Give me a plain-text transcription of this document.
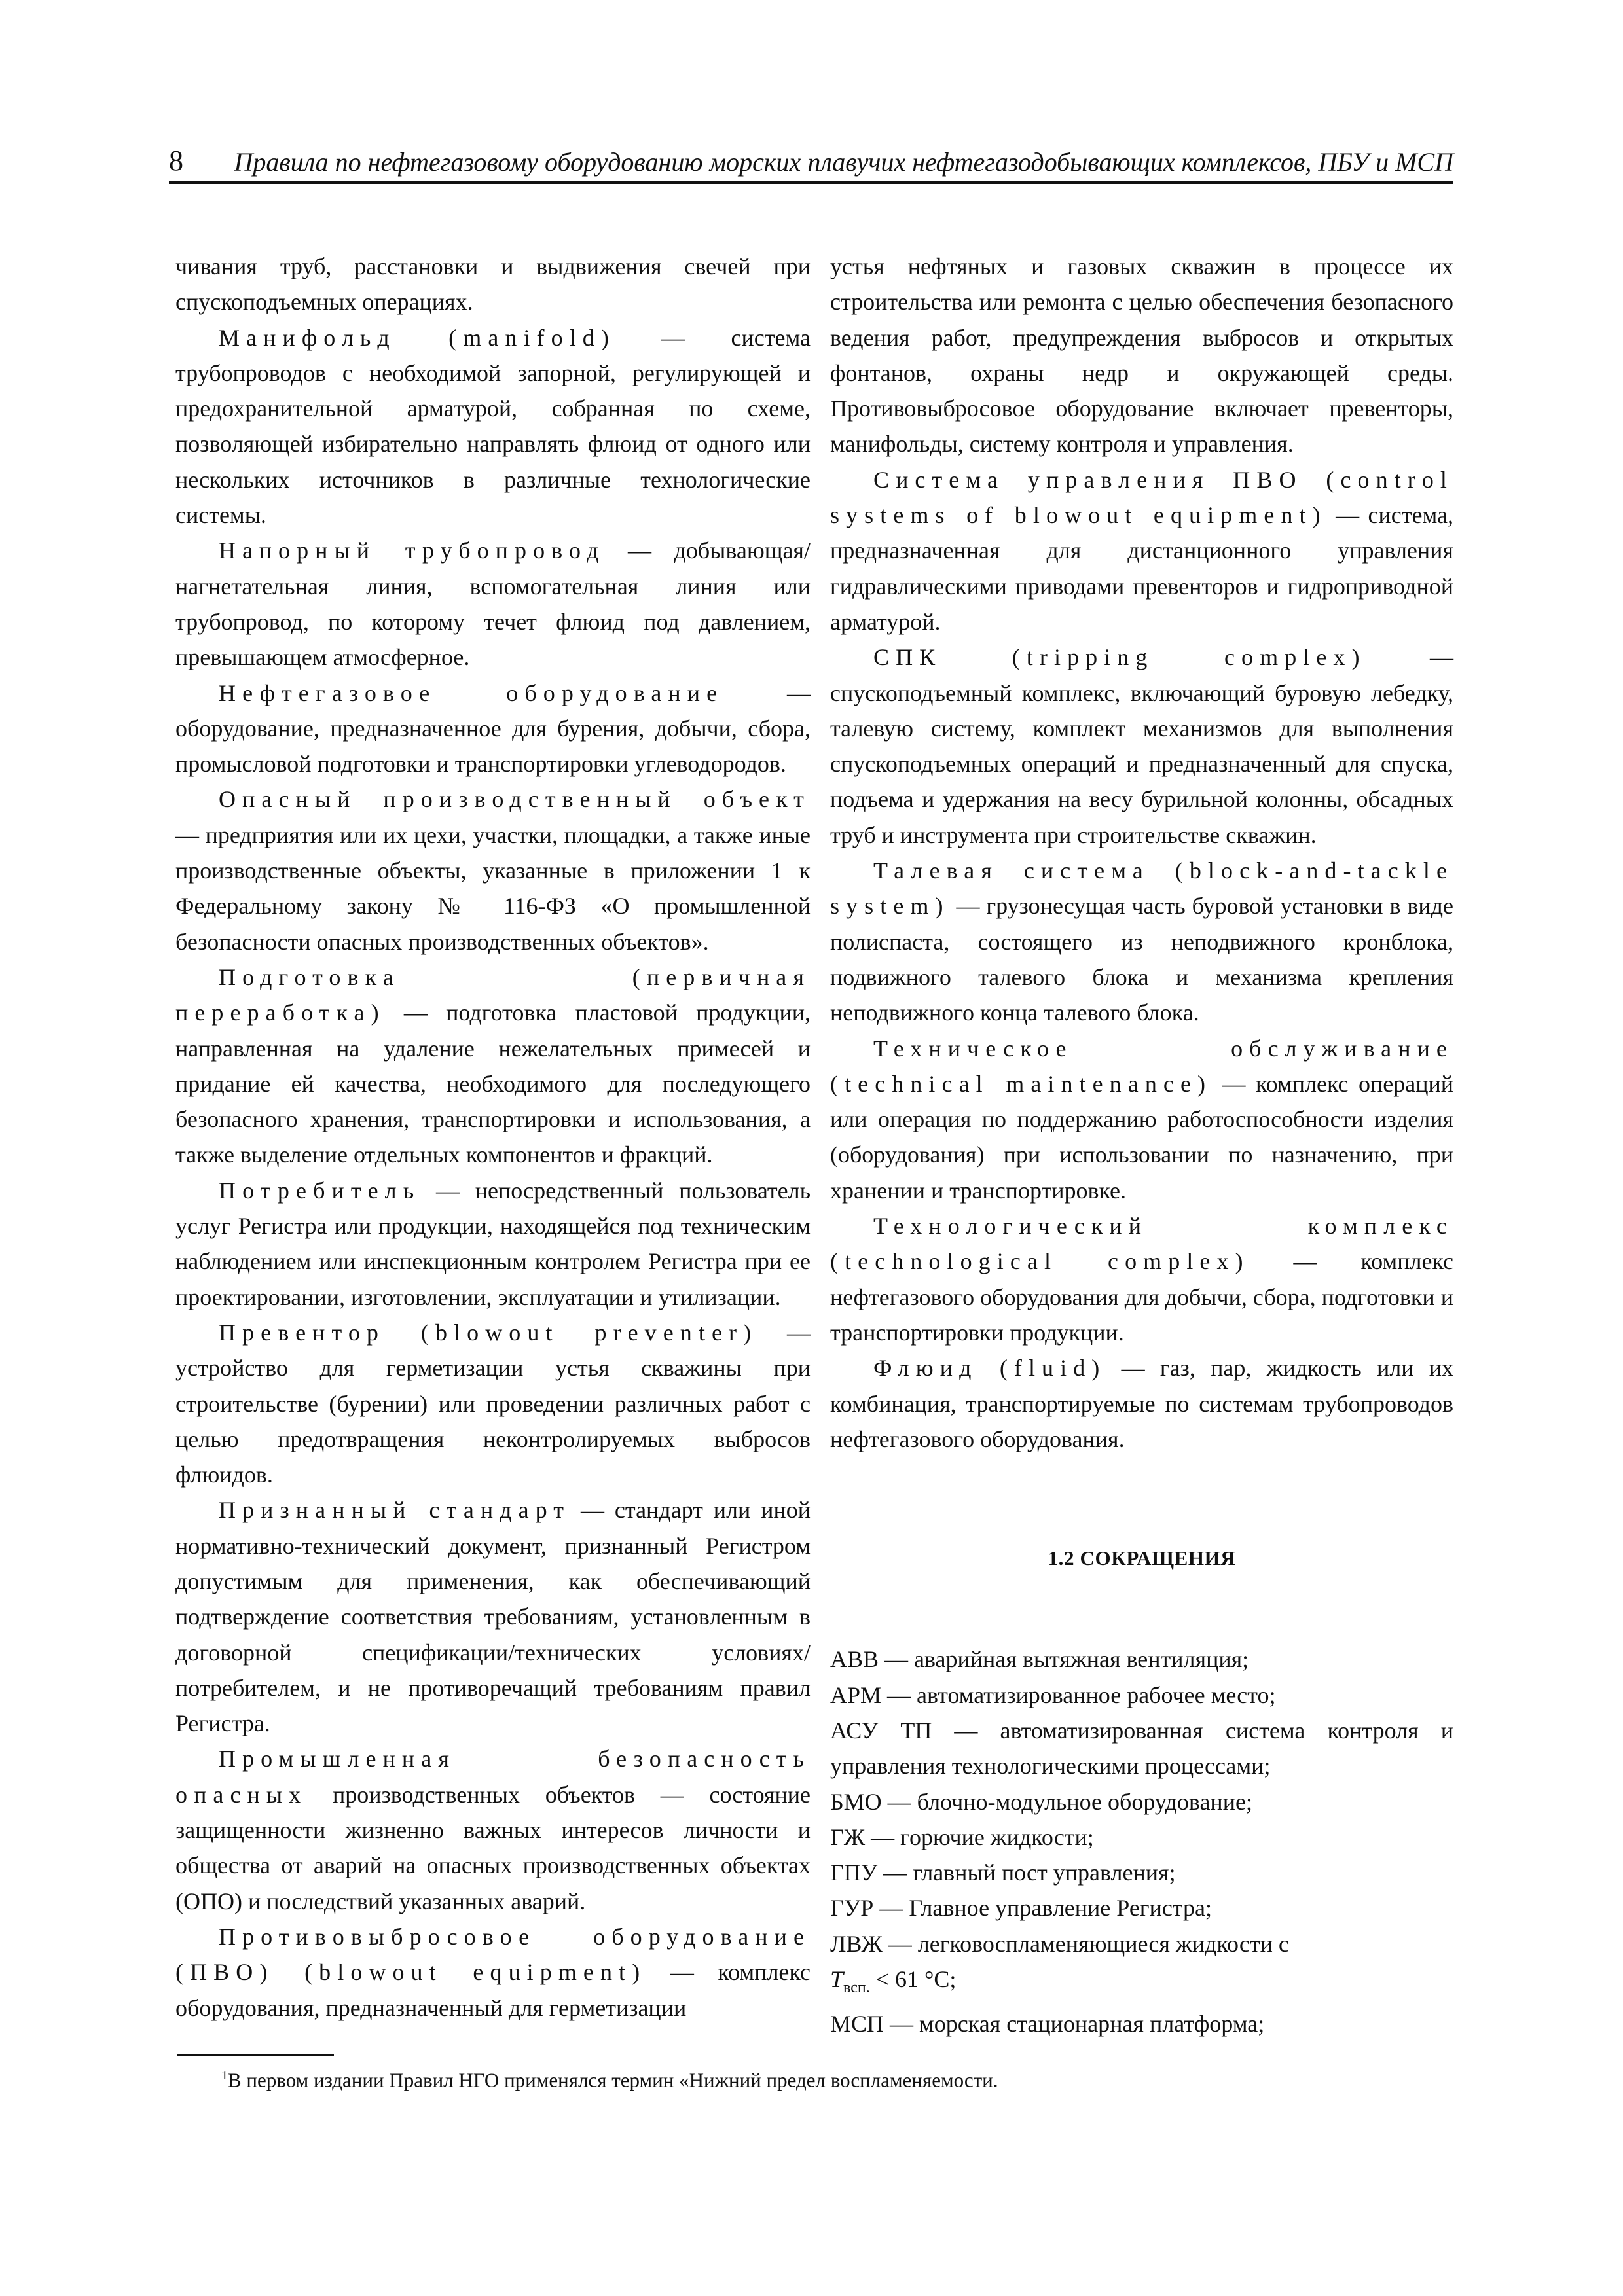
8 Правила по нефтегазовому оборудованию морских плавучих нефтегазодобывающих комплексов, ПБУ и МСП

чивания труб, расстановки и выдвижения свечей при спускоподъемных операциях.

Манифольд (manifold) — система трубопроводов с необходимой запорной, регулирующей и предохранительной арматурой, собранная по схеме, позволяющей избирательно направлять флюид от одного или нескольких источников в различные технологические системы.

Напорный трубопровод — добывающая/нагнетательная линия, вспомогательная линия или трубопровод, по которому течет флюид под давлением, превышающем атмосферное.

Нефтегазовое оборудование — оборудование, предназначенное для бурения, добычи, сбора, промысловой подготовки и транспортировки углеводородов.

Опасный производственный объект — предприятия или их цехи, участки, площадки, а также иные производственные объекты, указанные в приложении 1 к Федеральному закону № 116-ФЗ «О промышленной безопасности опасных производственных объектов».

Подготовка (первичная переработка) — подготовка пластовой продукции, направленная на удаление нежелательных примесей и придание ей качества, необходимого для последующего безопасного хранения, транспортировки и использования, а также выделение отдельных компонентов и фракций.

Потребитель — непосредственный пользователь услуг Регистра или продукции, находящейся под техническим наблюдением или инспекционным контролем Регистра при ее проектировании, изготовлении, эксплуатации и утилизации.

Превентор (blowout preventer) — устройство для герметизации устья скважины при строительстве (бурении) или проведении различных работ с целью предотвращения неконтролируемых выбросов флюидов.

Признанный стандарт — стандарт или иной нормативно-технический документ, признанный Регистром допустимым для применения, как обеспечивающий подтверждение соответствия требованиям, установленным в договорной спецификации/технических условиях/потребителем, и не противоречащий требованиям правил Регистра.

Промышленная безопасность опасных производственных объектов — состояние защищенности жизненно важных интересов личности и общества от аварий на опасных производственных объектах (ОПО) и последствий указанных аварий.

Противовыбросовое оборудование (ПВО) (blowout equipment) — комплекс оборудования, предназначенный для герметизации

устья нефтяных и газовых скважин в процессе их строительства или ремонта с целью обеспечения безопасного ведения работ, предупреждения выбросов и открытых фонтанов, охраны недр и окружающей среды. Противовыбросовое оборудование включает превенторы, манифольды, систему контроля и управления.

Система управления ПВО (control systems of blowout equipment) — система, предназначенная для дистанционного управления гидравлическими приводами превенторов и гидроприводной арматурой.

СПК (tripping complex) — спускоподъемный комплекс, включающий буровую лебедку, талевую систему, комплект механизмов для выполнения спускоподъемных операций и предназначенный для спуска, подъема и удержания на весу бурильной колонны, обсадных труб и инструмента при строительстве скважин.

Талевая система (block-and-tackle system) — грузонесущая часть буровой установки в виде полиспаста, состоящего из неподвижного кронблока, подвижного талевого блока и механизма крепления неподвижного конца талевого блока.

Техническое обслуживание (technical maintenance) — комплекс операций или операция по поддержанию работоспособности изделия (оборудования) при использовании по назначению, при хранении и транспортировке.

Технологический комплекс (technological complex) — комплекс нефтегазового оборудования для добычи, сбора, подготовки и транспортировки продукции.

Флюид (fluid) — газ, пар, жидкость или их комбинация, транспортируемые по системам трубопроводов нефтегазового оборудования.

1.2 СОКРАЩЕНИЯ

АВВ — аварийная вытяжная вентиляция;

АРМ — автоматизированное рабочее место;

АСУ ТП — автоматизированная система контроля и управления технологическими процессами;

БМО — блочно-модульное оборудование;

ГЖ — горючие жидкости;

ГПУ — главный пост управления;

ГУР — Главное управление Регистра;

ЛВЖ — легковоспламеняющиеся жидкости с

$T_{всп.} < 61$ °C;

МСП — морская стационарная платформа;

$^1$В первом издании Правил НГО применялся термин «Нижний предел воспламеняемости.
